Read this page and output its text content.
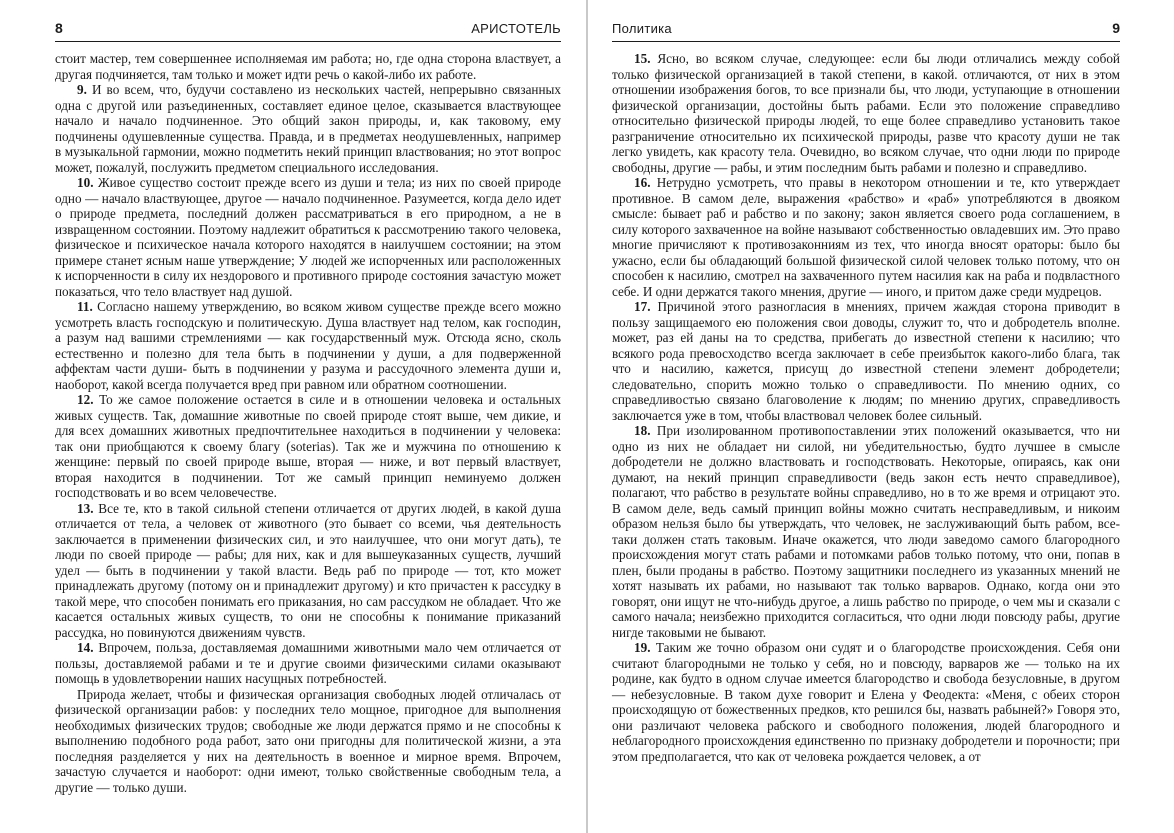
8	АРИСТОТЕЛЬ

стоит мастер, тем совершеннее исполняемая им работа; но, где одна сторона властвует, а другая подчиняется, там только и может идти речь о какой-либо их работе.

9. И во всем, что, будучи составлено из нескольких частей, непрерывно связанных одна с другой или разъединенных, составляет единое целое, сказывается властвующее начало и начало подчиненное. Это общий закон природы, и, как таковому, ему подчинены одушевленные существа. Правда, и в предметах неодушевленных, например в музыкальной гармонии, можно подметить некий принцип властвования; но этот вопрос может, пожалуй, послужить предметом специального исследования.

10. Живое существо состоит прежде всего из души и тела; из них по своей природе одно — начало властвующее, другое — начало подчиненное. Разумеется, когда дело идет о природе предмета, последний должен рассматриваться в его природном, а не в извращенном состоянии. Поэтому надлежит обратиться к рассмотрению такого человека, физическое и психическое начала которого находятся в наилучшем состоянии; на этом примере станет ясным наше утверждение; У людей же испорченных или расположенных к испорченности в силу их нездорового и противного природе состояния зачастую может показаться, что тело властвует над душой.

11. Согласно нашему утверждению, во всяком живом существе прежде всего можно усмотреть власть господскую и политическую. Душа властвует над телом, как господин, а разум над вашими стремлениями — как государственный муж. Отсюда ясно, сколь естественно и полезно для тела быть в подчинении у души, а для подверженной аффектам части души- быть в подчинении у разума и рассудочного элемента души и, наоборот, какой всегда получается вред при равном или обратном соотношении.

12. То же самое положение остается в силе и в отношении человека и остальных живых существ. Так, домашние животные по своей природе стоят выше, чем дикие, и для всех домашних животных предпочтительнее находиться в подчинении у человека: так они приобщаются к своему благу (soterias). Так же и мужчина по отношению к женщине: первый по своей природе выше, вторая — ниже, и вот первый властвует, вторая находится в подчинении. Тот же самый принцип неминуемо должен господствовать и во всем человечестве.

13. Все те, кто в такой сильной степени отличается от других людей, в какой душа отличается от тела, а человек от животного (это бывает со всеми, чья деятельность заключается в применении физических сил, и это наилучшее, что они могут дать), те люди по своей природе — рабы; для них, как и для вышеуказанных существ, лучший удел — быть в подчинении у такой власти. Ведь раб по природе — тот, кто может принадлежать другому (потому он и принадлежит другому) и кто причастен к рассудку в такой мере, что способен понимать его приказания, но сам рассудком не обладает. Что же касается остальных живых существ, то они не способны к понимание приказаний рассудка, но повинуются движениям чувств.

14. Впрочем, польза, доставляемая домашними животными мало чем отличается от пользы, доставляемой рабами и те и другие своими физическими силами оказывают помощь в удовлетворении наших насущных потребностей.

Природа желает, чтобы и физическая организация свободных людей отличалась от физической организации рабов: у последних тело мощное, пригодное для выполнения необходимых физических трудов; свободные же люди держатся прямо и не способны к выполнению подобного рода работ, зато они пригодны для политической жизни, а эта последняя разделяется у них на деятельность в военное и мирное время. Впрочем, зачастую случается и наоборот: одни имеют, только свойственные свободным тела, а другие — только души.

Политика	9

15. Ясно, во всяком случае, следующее: если бы люди отличались между собой только физической организацией в такой степени, в какой. отличаются, от них в этом отношении изображения богов, то все признали бы, что люди, уступающие в отношении физической организации, достойны быть рабами. Если это положение справедливо относительно физической природы людей, то еще более справедливо установить такое разграничение относительно их психической природы, разве что красоту души не так легко увидеть, как красоту тела. Очевидно, во всяком случае, что одни люди по природе свободны, другие — рабы, и этим последним быть рабами и полезно и справедливо.

16. Нетрудно усмотреть, что правы в некотором отношении и те, кто утверждает противное. В самом деле, выражения «рабство» и «раб» употребляются в двояком смысле: бывает раб и рабство и по закону; закон является своего рода соглашением, в силу которого захваченное на войне называют собственностью овладевших им. Это право многие причисляют к противозаконниям из тех, что иногда вносят ораторы: было бы ужасно, если бы обладающий большой физической силой человек только потому, что он способен к насилию, смотрел на захваченного путем насилия как на раба и подвластного себе. И одни держатся такого мнения, другие — иного, и притом даже среди мудрецов.

17. Причиной этого разногласия в мнениях, причем жаждая сторона приводит в пользу защищаемого ею положения свои доводы, служит то, что и добродетель вполне. может, раз ей даны на то средства, прибегать до известной степени к насилию; что всякого рода превосходство всегда заключает в себе преизбыток какого-либо блага, так что и насилию, кажется, присущ до известной степени элемент добродетели; следовательно, спорить можно только о справедливости. По мнению одних, со справедливостью связано благоволение к людям; по мнению других, справедливость заключается уже в том, чтобы властвовал человек более сильный.

18. При изолированном противопоставлении этих положений оказывается, что ни одно из них не обладает ни силой, ни убедительностью, будто лучшее в смысле добродетели не должно властвовать и господствовать. Некоторые, опираясь, как они думают, на некий принцип справедливости (ведь закон есть нечто справедливое), полагают, что рабство в результате войны справедливо, но в то же время и отрицают это. В самом деле, ведь самый принцип войны можно считать несправедливым, и никоим образом нельзя было бы утверждать, что человек, не заслуживающий быть рабом, все-таки должен стать таковым. Иначе окажется, что люди заведомо самого благородного происхождения могут стать рабами и потомками рабов только потому, что они, попав в плен, были проданы в рабство. Поэтому защитники последнего из указанных мнений не хотят называть их рабами, но называют так только варваров. Однако, когда они это говорят, они ищут не что-нибудь другое, а лишь рабство по природе, о чем мы и сказали с самого начала; неизбежно приходится согласиться, что одни люди повсюду рабы, другие нигде таковыми не бывают.

19. Таким же точно образом они судят и о благородстве происхождения. Себя они считают благородными не только у себя, но и повсюду, варваров же — только на их родине, как будто в одном случае имеется благородство и свобода безусловные, в другом — небезусловные. В таком духе говорит и Елена у Феодекта: «Меня, с обеих сторон происходящую от божественных предков, кто решился бы, назвать рабыней?» Говоря это, они различают человека рабского и свободного положения, людей благородного и неблагородного происхождения единственно по признаку добродетели и порочности; при этом предполагается, что как от человека рождается человек, а от
